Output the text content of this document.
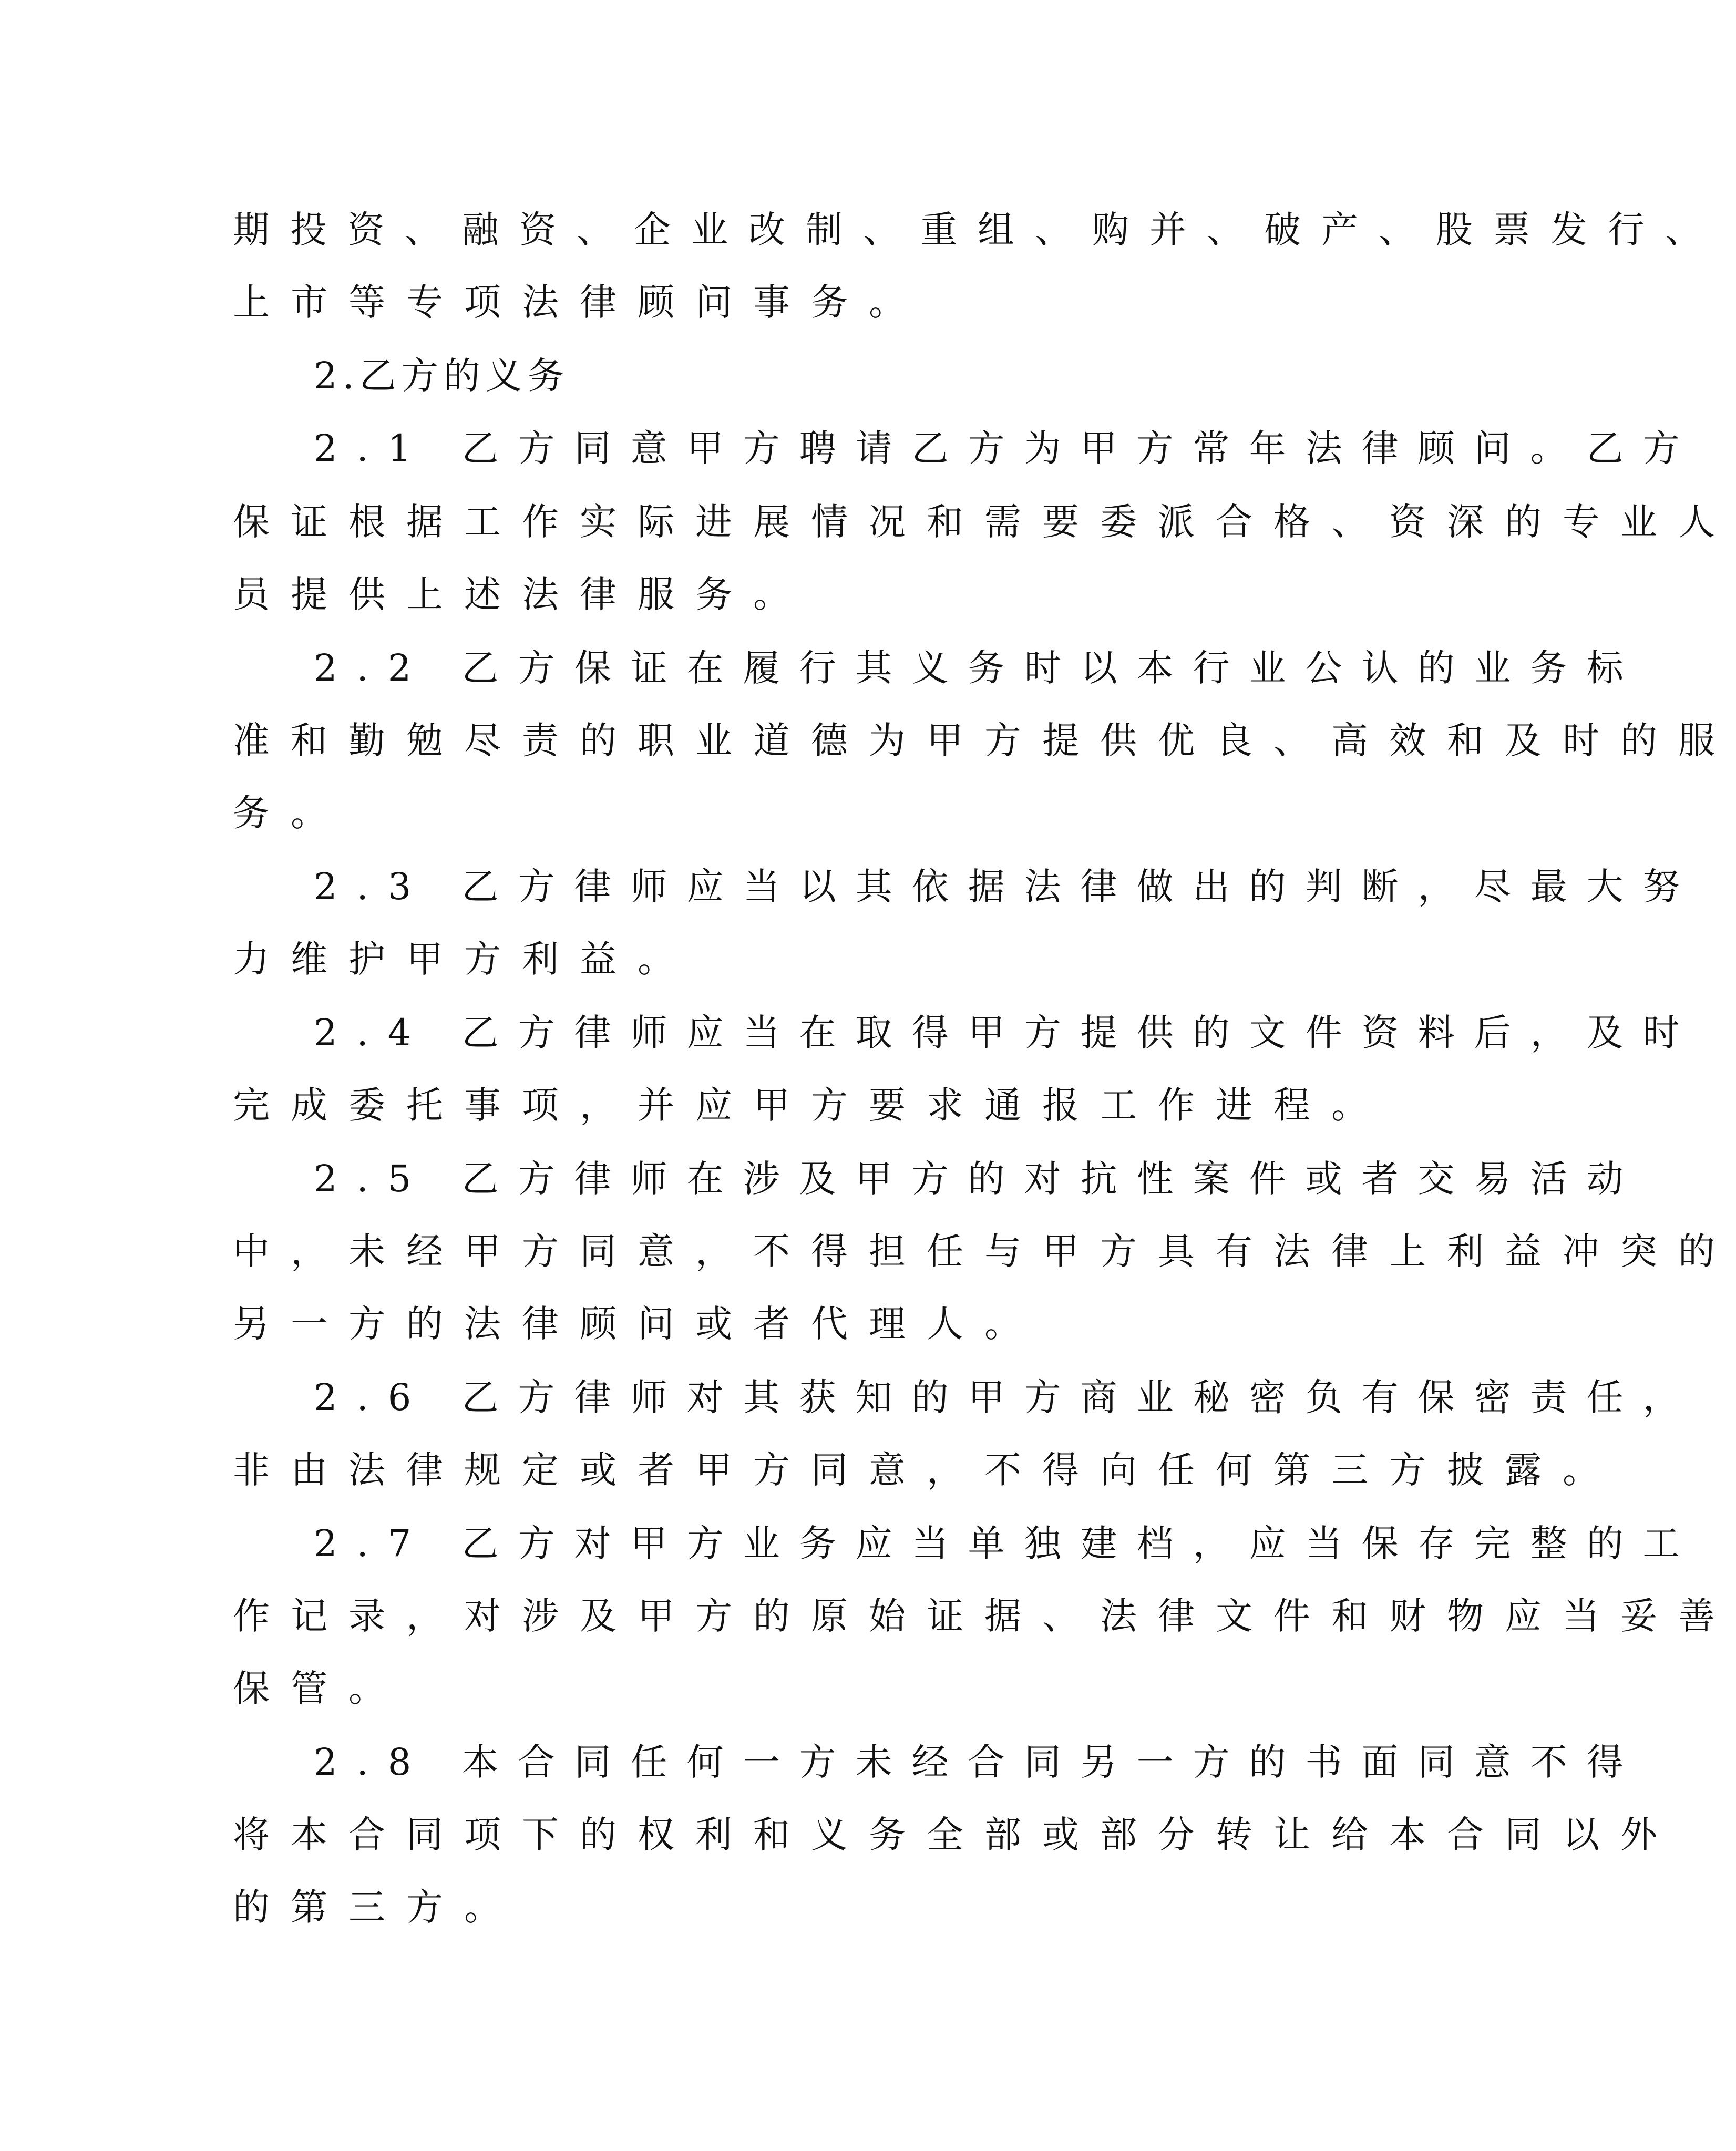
期投资、融资、企业改制、重组、购并、破产、股票发行、
上市等专项法律顾问事务。
2.乙方的义务
2.1 乙方同意甲方聘请乙方为甲方常年法律顾问。乙方
保证根据工作实际进展情况和需要委派合格、资深的专业人
员提供上述法律服务。
2.2 乙方保证在履行其义务时以本行业公认的业务标
准和勤勉尽责的职业道德为甲方提供优良、高效和及时的服
务。
2.3 乙方律师应当以其依据法律做出的判断，尽最大努
力维护甲方利益。
2.4 乙方律师应当在取得甲方提供的文件资料后，及时
完成委托事项，并应甲方要求通报工作进程。
2.5 乙方律师在涉及甲方的对抗性案件或者交易活动
中，未经甲方同意，不得担任与甲方具有法律上利益冲突的
另一方的法律顾问或者代理人。
2.6 乙方律师对其获知的甲方商业秘密负有保密责任，
非由法律规定或者甲方同意，不得向任何第三方披露。
2.7 乙方对甲方业务应当单独建档，应当保存完整的工
作记录，对涉及甲方的原始证据、法律文件和财物应当妥善
保管。
2.8 本合同任何一方未经合同另一方的书面同意不得
将本合同项下的权利和义务全部或部分转让给本合同以外
的第三方。
